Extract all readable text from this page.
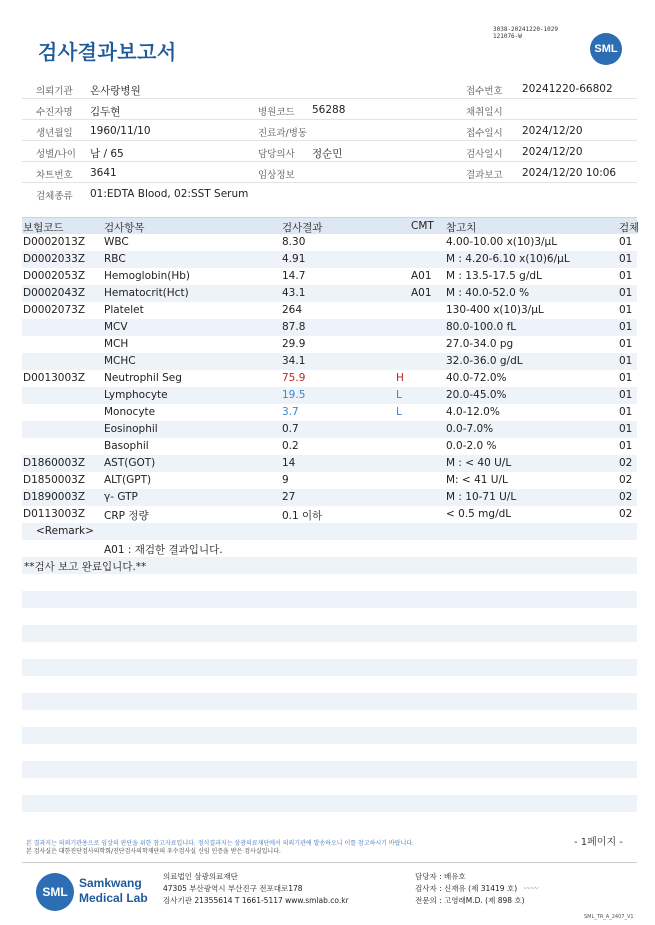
검사결과보고서
3038-20241220-1029
121076-W
SML
의뢰기관 온사랑병원	접수번호 20241220-66802
수진자명 김두현	병원코드 56288	채취일시
생년월일 1960/11/10	진료과/병동	접수일시 2024/12/20
성별/나이 남 / 65	담당의사 정순민	검사일시 2024/12/20
차트번호 3641	임상정보	결과보고 2024/12/20 10:06
검체종류 01:EDTA Blood, 02:SST Serum
보험코드	검사항목	검사결과	CMT 참고치	검체
D0002013Z WBC	8.30	4.00-10.00 x(10)3/μL	01
D0002033Z RBC	4.91	M : 4.20-6.10 x(10)6/μL	01
D0002053Z Hemoglobin(Hb)	14.7	A01 M : 13.5-17.5 g/dL	01
D0002043Z Hematocrit(Hct)	43.1	A01 M : 40.0-52.0 %	01
D0002073Z Platelet	264	130-400 x(10)3/μL	01
MCV	87.8	80.0-100.0 fL	01
MCH	29.9	27.0-34.0 pg	01
MCHC	34.1	32.0-36.0 g/dL	01
D0013003Z Neutrophil Seg	75.9	H	40.0-72.0%	01
Lymphocyte	19.5	L	20.0-45.0%	01
Monocyte	3.7	L	4.0-12.0%	01
Eosinophil	0.7	0.0-7.0%	01
Basophil	0.2	0.0-2.0 %	01
D1860003Z AST(GOT)	14	M : < 40 U/L	02
D1850003Z ALT(GPT)	9	M: < 41 U/L	02
D1890003Z γ- GTP	27	M : 10-71 U/L	02
D0113003Z CRP 정량	0.1 이하	< 0.5 mg/dL	02
<Remark>
A01 : 재검한 결과입니다.
**검사 보고 완료입니다.**
- 1페이지 -
본 결과지는 의뢰기관용으로 임상의 판단을 위한 참고자료입니다. 정식결과지는 삼광의료재단에서 의뢰기관에 발송하오니 이를 참고하시기 바랍니다.
본 검사실은 대한진단검사의학회/진단검사의학재단의 우수검사실 신임 인증을 받은 검사실입니다.
SML
Samkwang
Medical Lab
의료법인 삼광의료재단
47305 부산광역시 부산진구 전포대로178
검사기관 21355614 T 1661-5117 www.smlab.co.kr
담당자 : 배유호
검사자 : 신재유 (제 31419 호) 〰〰
전문의 : 고영래M.D. (제 898 호)
SML_TR_A_2407_V1
